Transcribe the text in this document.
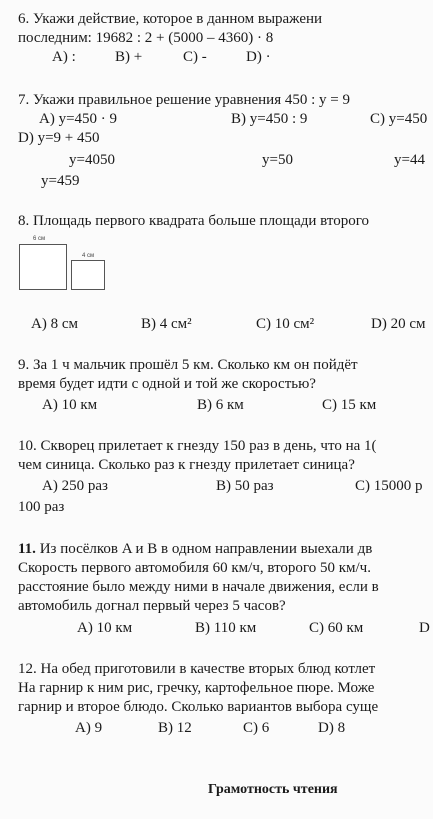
6. Укажи действие, которое в данном выражени
последним: 19682 : 2 + (5000 – 4360) · 8
A) :	B) +	C) -	D) ·
7. Укажи правильное решение уравнения 450 : y = 9
A) y=450 · 9	B) y=450 : 9	C) y=450
D) y=9 + 450
y=4050	y=50	y=44
y=459
8. Площадь первого квадрата больше площади второго
6 см
4 см
A) 8 см	B) 4 см²	C) 10 см²	D) 20 см
9. За 1 ч мальчик прошёл 5 км. Сколько км он пойдёт
время будет идти с одной и той же скоростью?
A) 10 км	B) 6 км	C) 15 км
10. Скворец прилетает к гнезду 150 раз в день, что на 1(
чем синица. Сколько раз к гнезду прилетает синица?
A) 250 раз	B) 50 раз	C) 15000 р
100 раз
11. Из посёлков A и B в одном направлении выехали дв
Скорость первого автомобиля 60 км/ч, второго 50 км/ч.
расстояние было между ними в начале движения, если в
автомобиль догнал первый через 5 часов?
A) 10 км	B) 110 км	C) 60 км	D
12. На обед приготовили в качестве вторых блюд котлет
На гарнир к ним рис, гречку, картофельное пюре. Може
гарнир и второе блюдо. Сколько вариантов выбора суще
A) 9	B) 12	C) 6	D) 8
Грамотность чтения
